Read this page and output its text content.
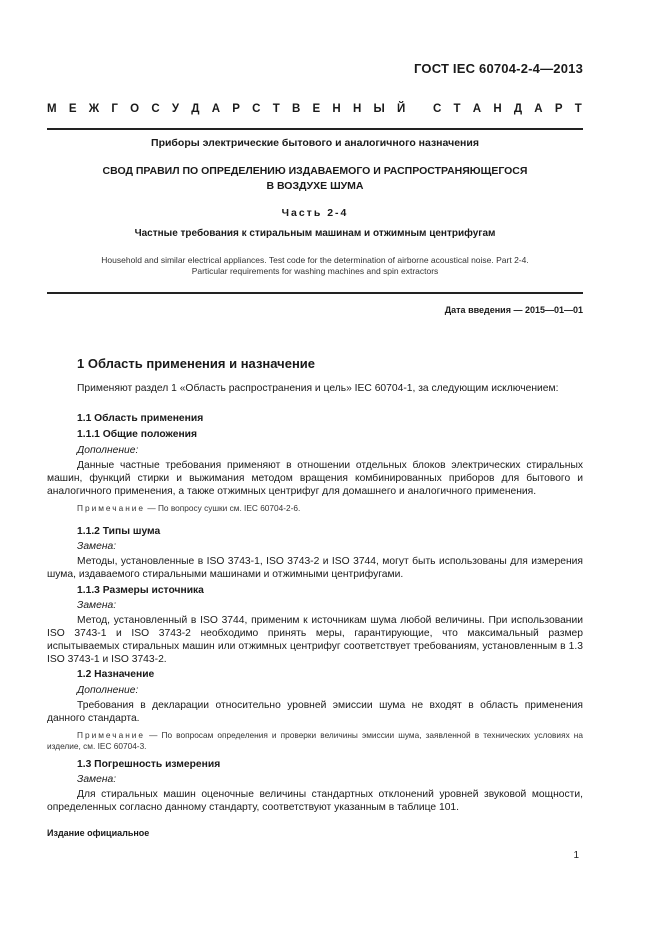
ГОСТ IEC 60704-2-4—2013
М Е Ж Г О С У Д А Р С Т В Е Н Н Ы Й
С Т А Н Д А Р Т
Приборы электрические бытового и аналогичного назначения
СВОД ПРАВИЛ ПО ОПРЕДЕЛЕНИЮ ИЗДАВАЕМОГО И РАСПРОСТРАНЯЮЩЕГОСЯ
В ВОЗДУХЕ ШУМА
Часть 2-4
Частные требования к стиральным машинам и отжимным центрифугам
Household and similar electrical appliances. Test code for the determination of airborne acoustical noise. Part 2-4.
Particular requirements for washing machines and spin extractors
Дата введения — 2015—01—01
1 Область применения и назначение
Применяют раздел 1 «Область распространения и цель» IEC 60704-1, за следующим исключением:
1.1 Область применения
1.1.1 Общие положения
Дополнение:
Данные частные требования применяют в отношении отдельных блоков электрических стиральных машин, функций стирки и выжимания методом вращения комбинированных приборов для бытового и аналогичного применения, а также отжимных центрифуг для домашнего и аналогичного применения.
Примечание — По вопросу сушки см. IEC 60704-2-6.
1.1.2 Типы шума
Замена:
Методы, установленные в ISO 3743-1, ISO 3743-2 и ISO 3744, могут быть использованы для измерения шума, издаваемого стиральными машинами и отжимными центрифугами.
1.1.3 Размеры источника
Замена:
Метод, установленный в ISO 3744, применим к источникам шума любой величины. При использовании ISO 3743-1 и ISO 3743-2 необходимо принять меры, гарантирующие, что максимальный размер испытываемых стиральных машин или отжимных центрифуг соответствует требованиям, установленным в 1.3 ISO 3743-1 и ISO 3743-2.
1.2 Назначение
Дополнение:
Требования в декларации относительно уровней эмиссии шума не входят в область применения данного стандарта.
Примечание — По вопросам определения и проверки величины эмиссии шума, заявленной в технических условиях на изделие, см. IEC 60704-3.
1.3 Погрешность измерения
Замена:
Для стиральных машин оценочные величины стандартных отклонений уровней звуковой мощности, определенных согласно данному стандарту, соответствуют указанным в таблице 101.
Издание официальное
1
